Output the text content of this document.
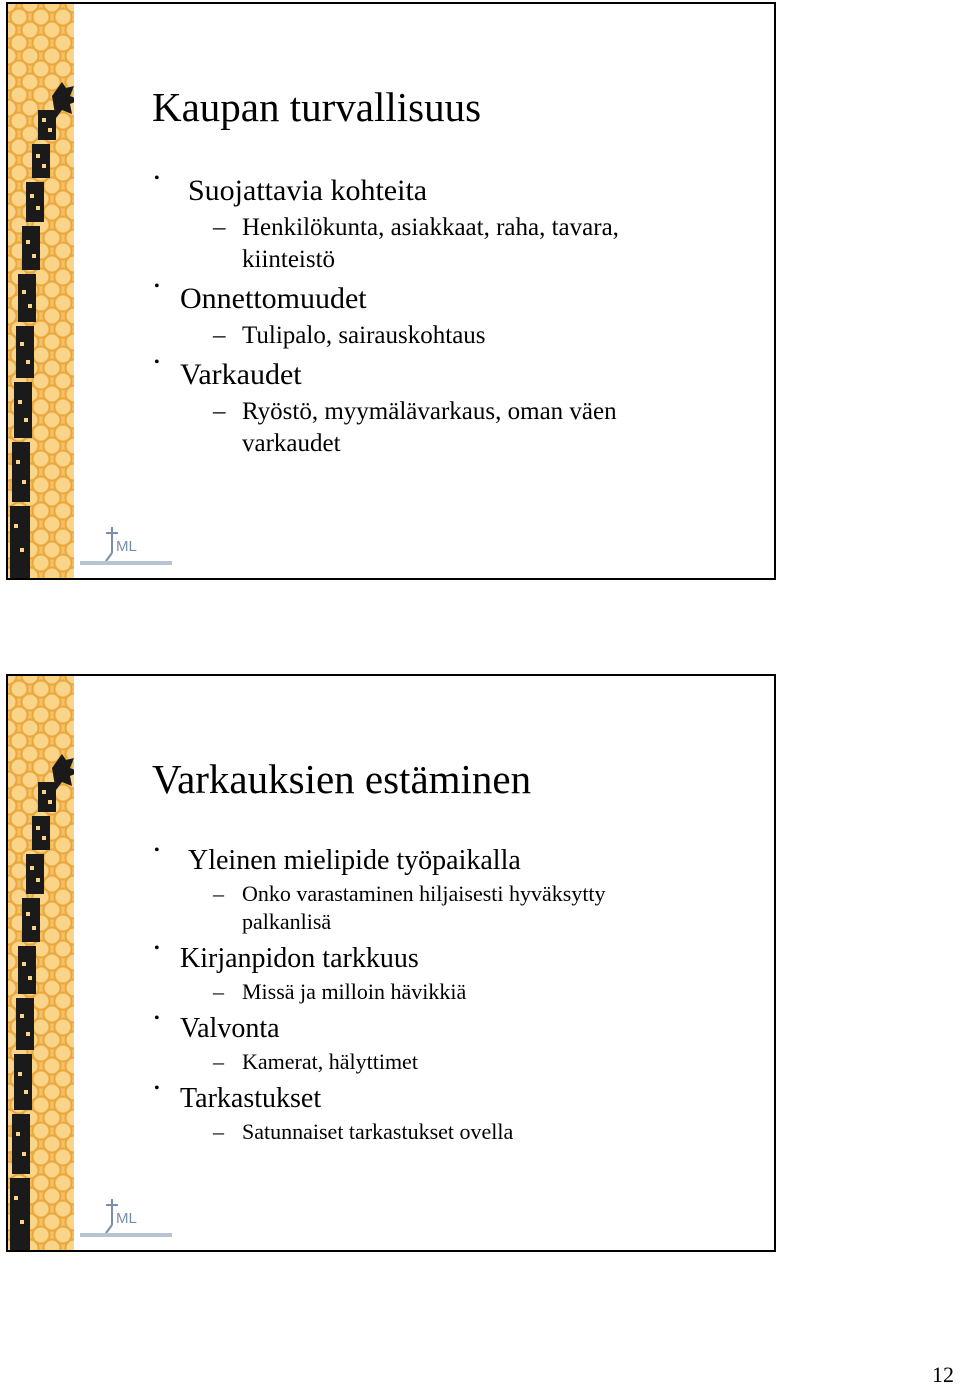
ML
Kaupan turvallisuus
• Suojattavia kohteita
– Henkilökunta, asiakkaat, raha, tavara,
kiinteistö
• Onnettomuudet
– Tulipalo, sairauskohtaus
• Varkaudet
– Ryöstö, myymälävarkaus, oman väen
varkaudet
ML
Varkauksien estäminen
• Yleinen mielipide työpaikalla
– Onko varastaminen hiljaisesti hyväksytty
palkanlisä
• Kirjanpidon tarkkuus
– Missä ja milloin hävikkiä
• Valvonta
– Kamerat, hälyttimet
• Tarkastukset
– Satunnaiset tarkastukset ovella
12
